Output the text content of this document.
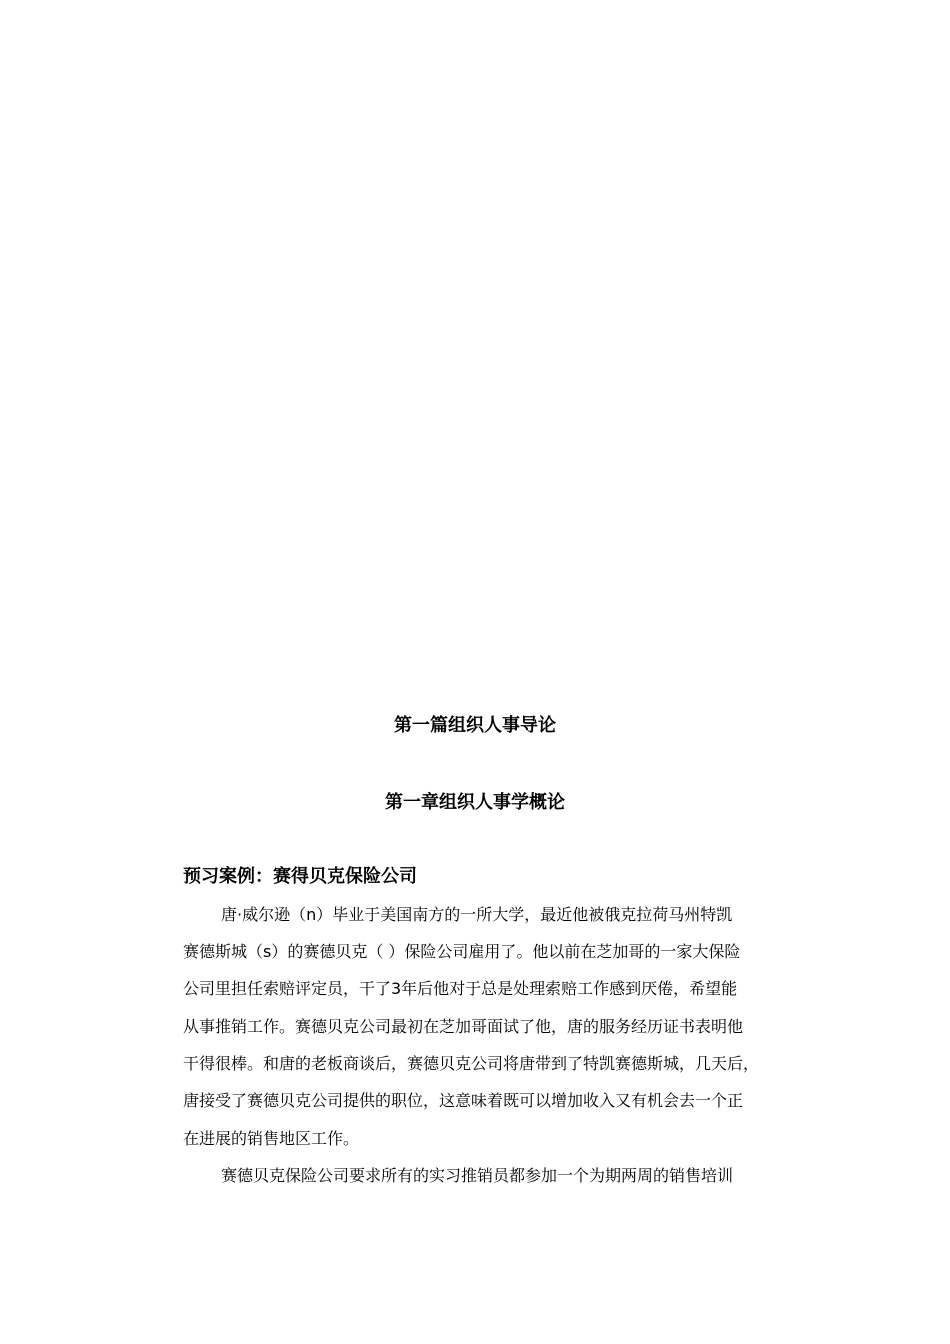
第一篇组织人事导论
第一章组织人事学概论
预习案例：赛得贝克保险公司
唐·威尔逊（n）毕业于美国南方的一所大学，最近他被俄克拉荷马州特凯
赛德斯城（s）的赛德贝克（ ）保险公司雇用了。他以前在芝加哥的一家大保险
公司里担任索赔评定员，干了3年后他对于总是处理索赔工作感到厌倦，希望能
从事推销工作。赛德贝克公司最初在芝加哥面试了他，唐的服务经历证书表明他
干得很棒。和唐的老板商谈后，赛德贝克公司将唐带到了特凯赛德斯城，几天后，
唐接受了赛德贝克公司提供的职位，这意味着既可以增加收入又有机会去一个正
在进展的销售地区工作。
赛德贝克保险公司要求所有的实习推销员都参加一个为期两周的销售培训
